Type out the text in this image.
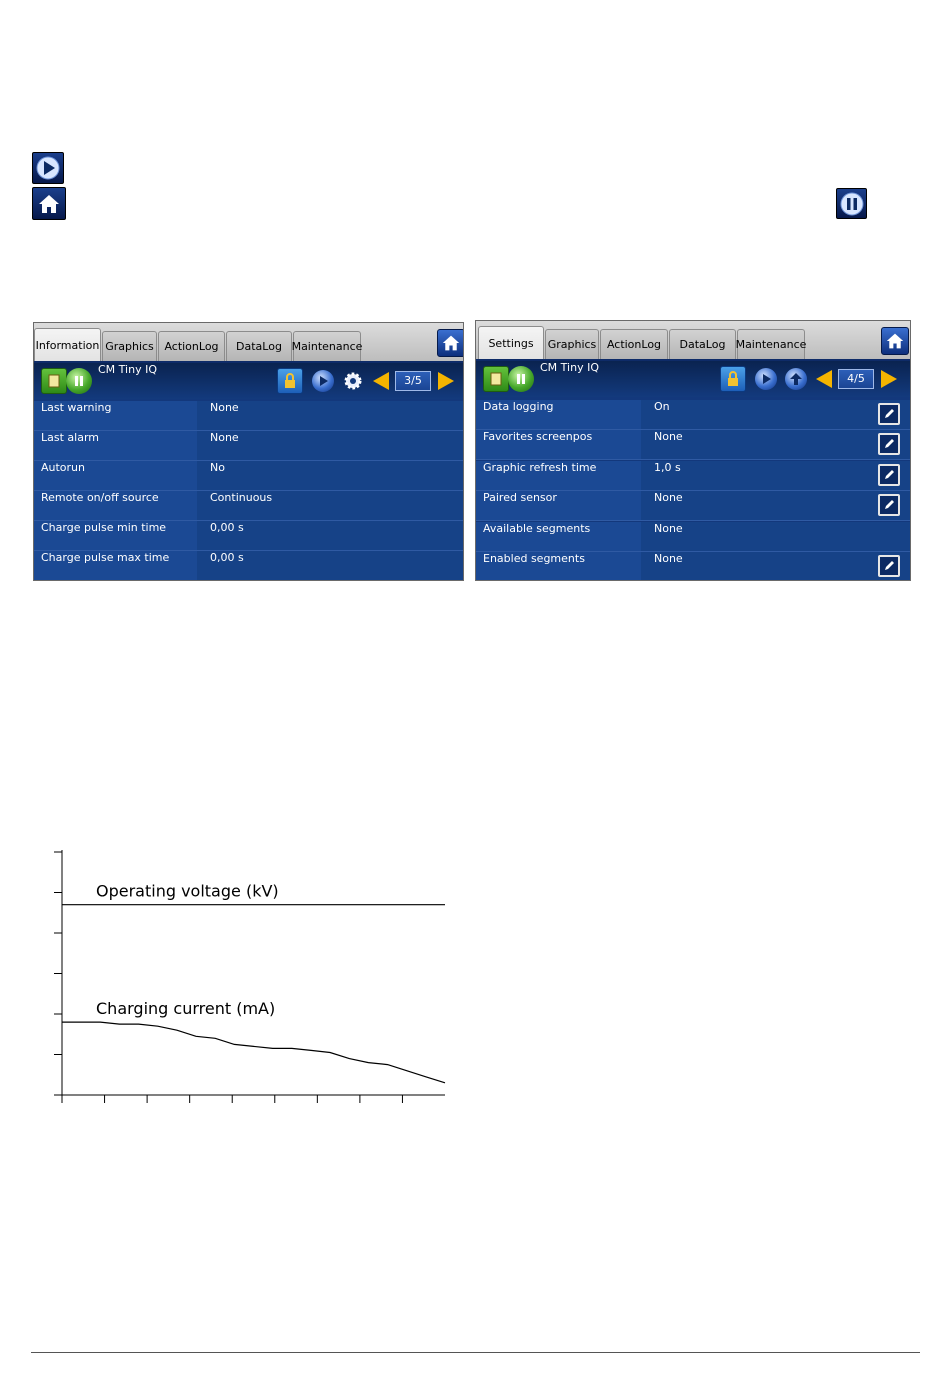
Information Graphics ActionLog	DataLog Maintenance
CM Tiny IQ
3/5
Last warning	None
Last alarm	None
Autorun	No
Remote on/off source	Continuous
Charge pulse min time	0,00 s
Charge pulse max time	0,00 s
Settings	Graphics ActionLog	DataLog Maintenance
CM Tiny IQ
4/5
Data logging	On
Favorites screenpos	None
Graphic refresh time	1,0 s
Paired sensor	None
Available segments	None
Enabled segments	None
Operating voltage (kV)
Charging current (mA)
